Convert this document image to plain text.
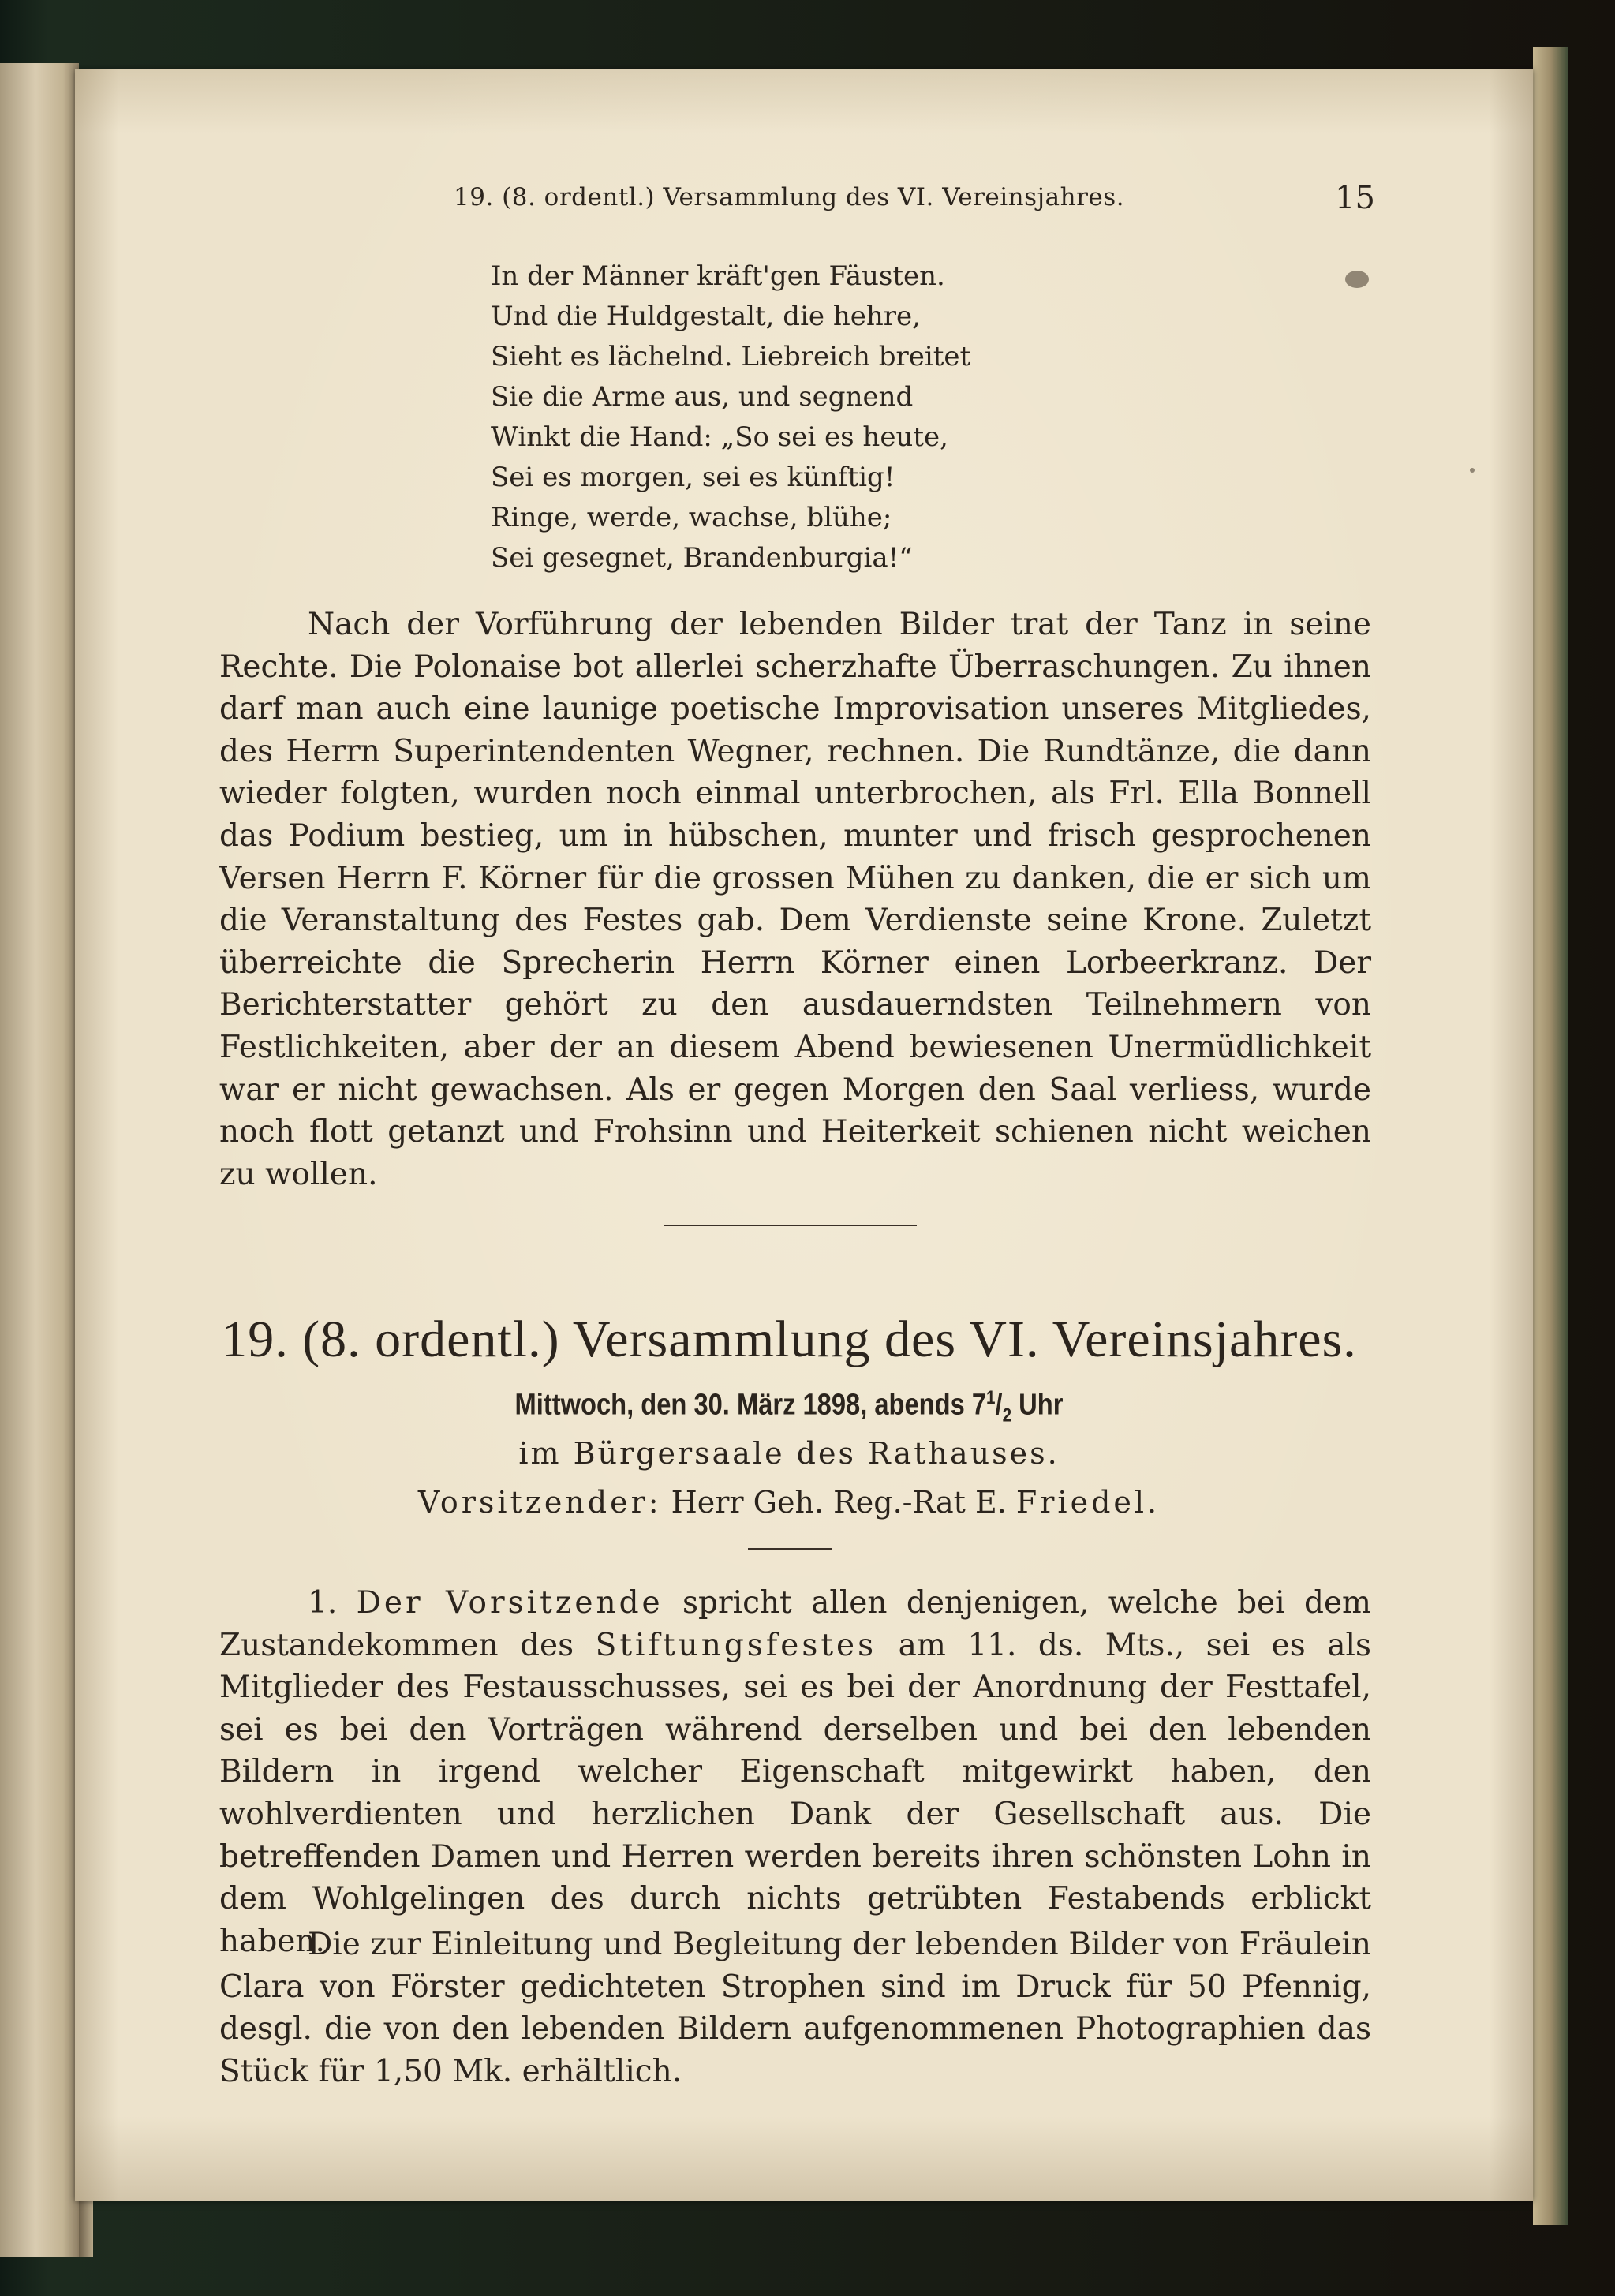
19. (8. ordentl.) Versammlung des VI. Vereinsjahres.	15
In der Männer kräft'gen Fäusten.
Und die Huldgestalt, die hehre,
Sieht es lächelnd. Liebreich breitet
Sie die Arme aus, und segnend
Winkt die Hand: „So sei es heute,
Sei es morgen, sei es künftig!
Ringe, werde, wachse, blühe;
Sei gesegnet, Brandenburgia!“
Nach der Vorführung der lebenden Bilder trat der Tanz in seine Rechte. Die Polonaise bot allerlei scherzhafte Überraschungen. Zu ihnen darf man auch eine launige poetische Improvisation unseres Mitgliedes, des Herrn Superintendenten Wegner, rechnen. Die Rundtänze, die dann wieder folgten, wurden noch einmal unterbrochen, als Frl. Ella Bonnell das Podium bestieg, um in hübschen, munter und frisch gesprochenen Versen Herrn F. Körner für die grossen Mühen zu danken, die er sich um die Veranstaltung des Festes gab. Dem Verdienste seine Krone. Zuletzt überreichte die Sprecherin Herrn Körner einen Lorbeerkranz. Der Berichterstatter gehört zu den ausdauerndsten Teilnehmern von Festlichkeiten, aber der an diesem Abend bewiesenen Unermüdlichkeit war er nicht gewachsen. Als er gegen Morgen den Saal verliess, wurde noch flott getanzt und Frohsinn und Heiterkeit schienen nicht weichen zu wollen.
19. (8. ordentl.) Versammlung des VI. Vereinsjahres.
Mittwoch, den 30. März 1898, abends $7^1/_2$ Uhr
im Bürgersaale des Rathauses.
Vorsitzender: Herr Geh. Reg.-Rat E. Friedel.
1. Der Vorsitzende spricht allen denjenigen, welche bei dem Zustandekommen des Stiftungsfestes am 11. ds. Mts., sei es als Mitglieder des Festausschusses, sei es bei der Anordnung der Festtafel, sei es bei den Vorträgen während derselben und bei den lebenden Bildern in irgend welcher Eigenschaft mitgewirkt haben, den wohlverdienten und herzlichen Dank der Gesellschaft aus. Die betreffenden Damen und Herren werden bereits ihren schönsten Lohn in dem Wohlgelingen des durch nichts getrübten Festabends erblickt haben.
Die zur Einleitung und Begleitung der lebenden Bilder von Fräulein Clara von Förster gedichteten Strophen sind im Druck für 50 Pfennig, desgl. die von den lebenden Bildern aufgenommenen Photographien das Stück für 1,50 Mk. erhältlich.
